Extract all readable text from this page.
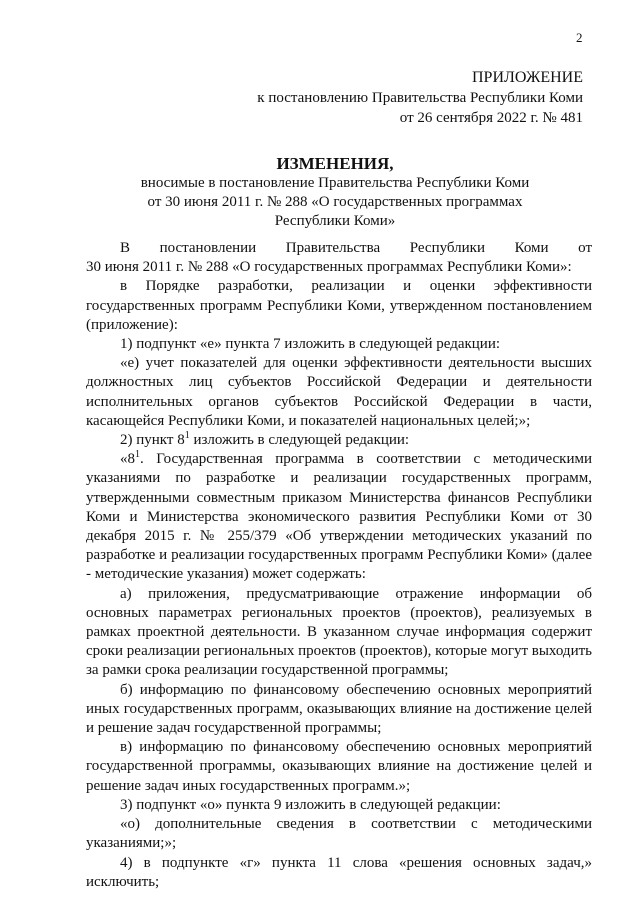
2
ПРИЛОЖЕНИЕ
к постановлению Правительства Республики Коми
от 26 сентября 2022 г. № 481
ИЗМЕНЕНИЯ,
вносимые в постановление Правительства Республики Коми
от 30 июня 2011 г. № 288 «О государственных программах
Республики Коми»

В постановлении Правительства Республики Коми от

30 июня 2011 г. № 288 «О государственных программах Республики Коми»:

в Порядке разработки, реализации и оценки эффективности государственных программ Республики Коми, утвержденном постановлением (приложение):

1) подпункт «е» пункта 7 изложить в следующей редакции:

«е) учет показателей для оценки эффективности деятельности высших должностных лиц субъектов Российской Федерации и деятельности исполнительных органов субъектов Российской Федерации в части, касающейся Республики Коми, и показателей национальных целей;»;

2) пункт $8^1$ изложить в следующей редакции:

«$8^1$. Государственная программа в соответствии с методическими указаниями по разработке и реализации государственных программ, утвержденными совместным приказом Министерства финансов Республики Коми и Министерства экономического развития Республики Коми от 30 декабря 2015 г. № 255/379 «Об утверждении методических указаний по разработке и реализации государственных программ Республики Коми» (далее - методические указания) может содержать:

а) приложения, предусматривающие отражение информации об основных параметрах региональных проектов (проектов), реализуемых в рамках проектной деятельности. В указанном случае информация содержит сроки реализации региональных проектов (проектов), которые могут выходить за рамки срока реализации государственной программы;

б) информацию по финансовому обеспечению основных мероприятий иных государственных программ, оказывающих влияние на достижение целей и решение задач государственной программы;

в) информацию по финансовому обеспечению основных мероприятий государственной программы, оказывающих влияние на достижение целей и решение задач иных государственных программ.»;

3) подпункт «о» пункта 9 изложить в следующей редакции:

«о) дополнительные сведения в соответствии с методическими указаниями;»;

4) в подпункте «г» пункта 11 слова «решения основных задач,» исключить;
